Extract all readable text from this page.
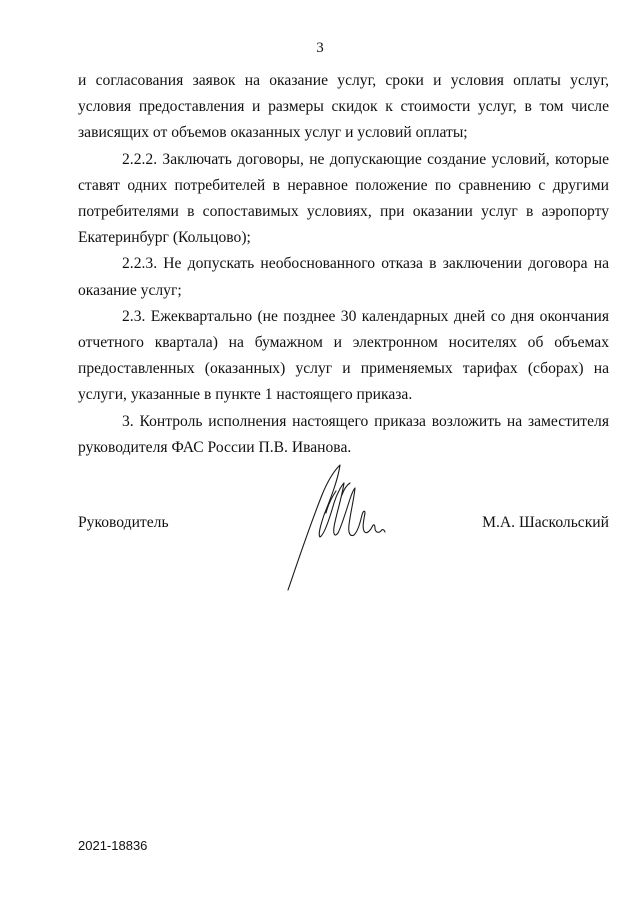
3

и согласования заявок на оказание услуг, сроки и условия оплаты услуг, условия предоставления и размеры скидок к стоимости услуг, в том числе зависящих от объемов оказанных услуг и условий оплаты;

2.2.2. Заключать договоры, не допускающие создание условий, которые ставят одних потребителей в неравное положение по сравнению с другими потребителями в сопоставимых условиях, при оказании услуг в аэропорту Екатеринбург (Кольцово);

2.2.3. Не допускать необоснованного отказа в заключении договора на оказание услуг;

2.3. Ежеквартально (не позднее 30 календарных дней со дня окончания отчетного квартала) на бумажном и электронном носителях об объемах предоставленных (оказанных) услуг и применяемых тарифах (сборах) на услуги, указанные в пункте 1 настоящего приказа.

3. Контроль исполнения настоящего приказа возложить на заместителя руководителя ФАС России П.В. Иванова.

Руководитель	М.А. Шаскольский
2021-18836
